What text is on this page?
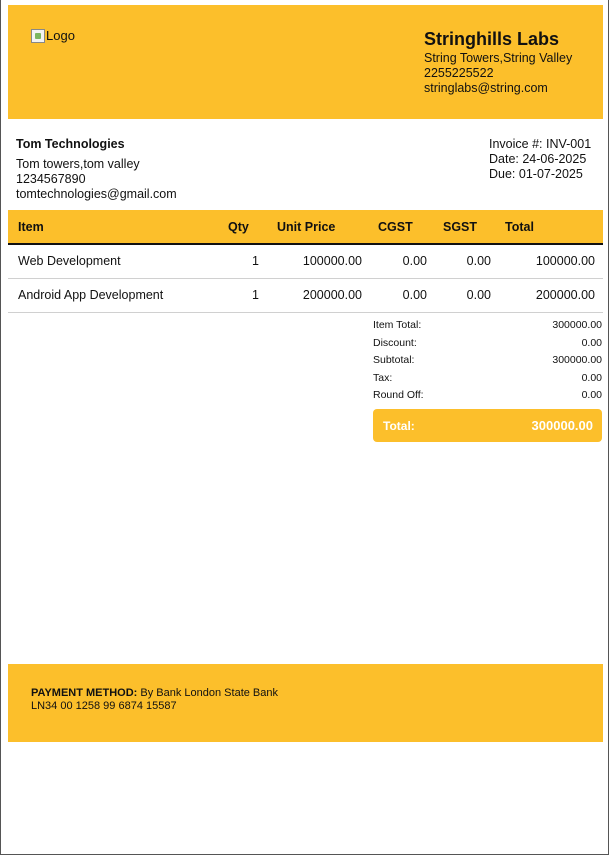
Logo	Stringhills Labs
String Towers,String Valley
2255225522
stringlabs@string.com
Tom Technologies
Tom towers,tom valley
1234567890
tomtechnologies@gmail.com
Invoice #: INV-001
Date: 24-06-2025
Due: 01-07-2025
Item	Qty	Unit Price	CGST	SGST	Total
Web Development	1	100000.00	0.00	0.00	100000.00
Android App Development	1	200000.00	0.00	0.00	200000.00
Item Total:	300000.00
Discount:	0.00
Subtotal:	300000.00
Tax:	0.00
Round Off:	0.00
Total:	300000.00
PAYMENT METHOD: By Bank London State Bank
LN34 00 1258 99 6874 15587
